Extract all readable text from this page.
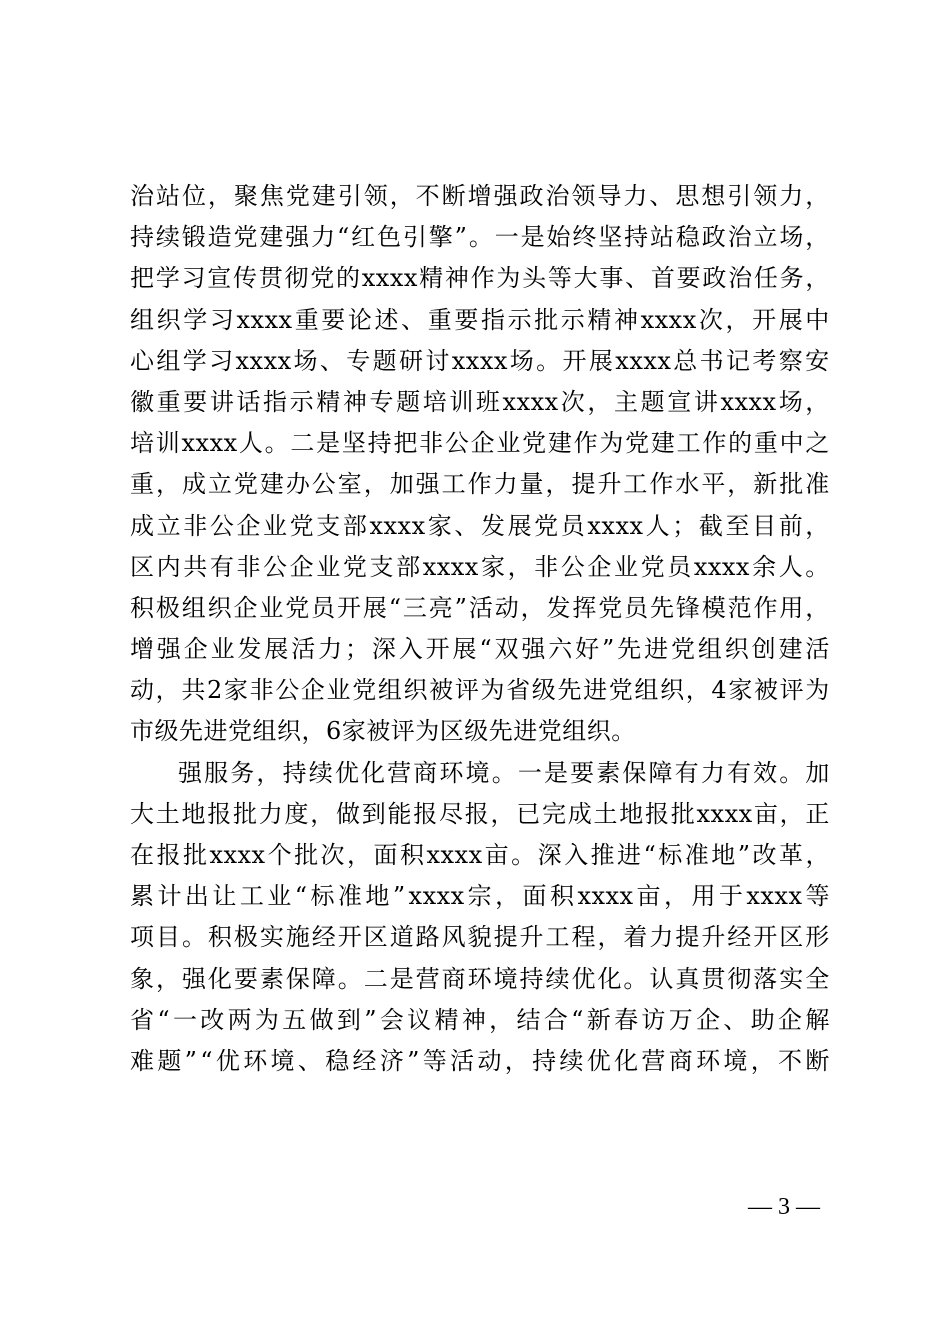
治 站 位 ， 聚 焦 党 建 引 领 ， 不 断 增 强 政 治 领 导 力 、 思 想 引 领 力 ，
持 续 锻 造 党 建 强 力 “ 红 色 引 擎 ” 。 一 是 始 终 坚 持 站 稳 政 治 立 场 ，
把 学 习 宣 传 贯 彻 党 的 xxxx 精 神 作 为 头 等 大 事 、 首 要 政 治 任 务 ，
组 织 学 习 xxxx 重 要 论 述 、 重 要 指 示 批 示 精 神 xxxx 次 ， 开 展 中
心 组 学 习 xxxx 场 、 专 题 研 讨 xxxx 场 。 开 展 xxxx 总 书 记 考 察 安
徽 重 要 讲 话 指 示 精 神 专 题 培 训 班 xxxx 次 ， 主 题 宣 讲 xxxx 场 ，
培 训 xxxx 人 。 二 是 坚 持 把 非 公 企 业 党 建 作 为 党 建 工 作 的 重 中 之
重 ， 成 立 党 建 办 公 室 ， 加 强 工 作 力 量 ， 提 升 工 作 水 平 ， 新 批 准
成 立 非 公 企 业 党 支 部 xxxx 家 、 发 展 党 员 xxxx 人 ； 截 至 目 前 ，
区 内 共 有 非 公 企 业 党 支 部 xxxx 家 ， 非 公 企 业 党 员 xxxx 余 人 。
积 极 组 织 企 业 党 员 开 展 “ 三 亮 ” 活 动 ， 发 挥 党 员 先 锋 模 范 作 用 ，
增 强 企 业 发 展 活 力 ； 深 入 开 展 “ 双 强 六 好 ” 先 进 党 组 织 创 建 活
动 ， 共 2 家 非 公 企 业 党 组 织 被 评 为 省 级 先 进 党 组 织 ， 4 家 被 评 为
市级先进党组织，6家被评为区级先进党组织。
强 服 务 ， 持 续 优 化 营 商 环 境 。 一 是 要 素 保 障 有 力 有 效 。 加
大 土 地 报 批 力 度 ， 做 到 能 报 尽 报 ， 已 完 成 土 地 报 批 xxxx 亩 ， 正
在 报 批 xxxx 个 批 次 ， 面 积 xxxx 亩 。 深 入 推 进 “ 标 准 地 ” 改 革 ，
累 计 出 让 工 业 “ 标 准 地 ” xxxx 宗 ， 面 积 xxxx 亩 ， 用 于 xxxx 等
项 目 。 积 极 实 施 经 开 区 道 路 风 貌 提 升 工 程 ， 着 力 提 升 经 开 区 形
象 ， 强 化 要 素 保 障 。 二 是 营 商 环 境 持 续 优 化 。 认 真 贯 彻 落 实 全
省 “ 一 改 两 为 五 做 到 ” 会 议 精 神 ， 结 合 “ 新 春 访 万 企 、 助 企 解
难 题 ” “ 优 环 境 、 稳 经 济 ” 等 活 动 ， 持 续 优 化 营 商 环 境 ， 不 断
— 3 —
